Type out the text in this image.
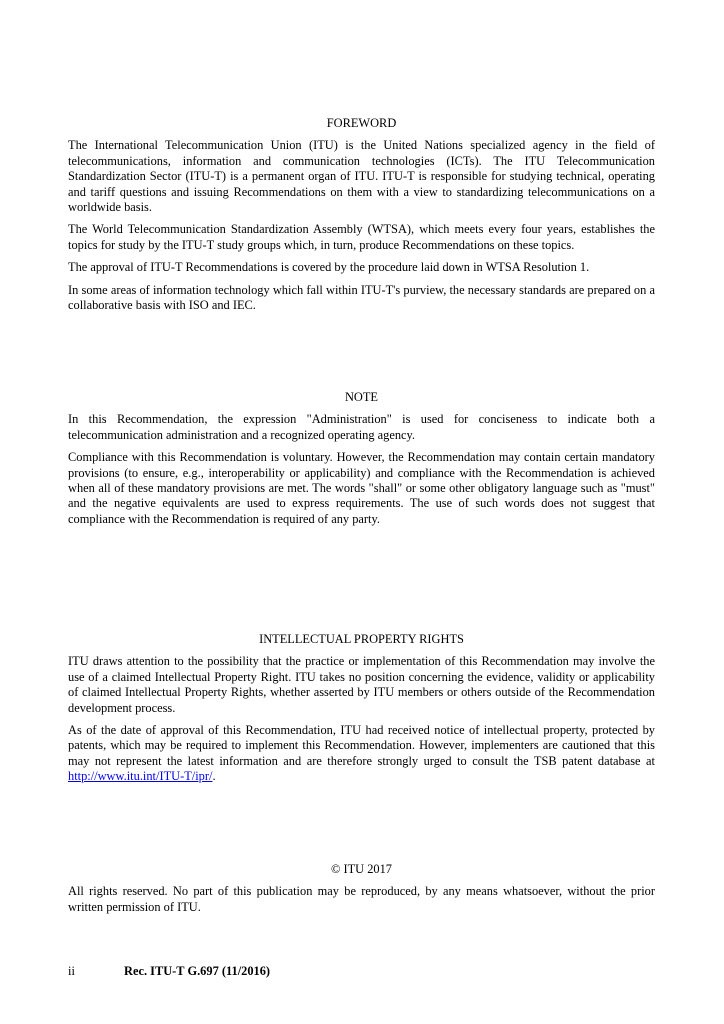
FOREWORD

The International Telecommunication Union (ITU) is the United Nations specialized agency in the field of telecommunications, information and communication technologies (ICTs). The ITU Telecommunication Standardization Sector (ITU-T) is a permanent organ of ITU. ITU-T is responsible for studying technical, operating and tariff questions and issuing Recommendations on them with a view to standardizing telecommunications on a worldwide basis.

The World Telecommunication Standardization Assembly (WTSA), which meets every four years, establishes the topics for study by the ITU-T study groups which, in turn, produce Recommendations on these topics.

The approval of ITU-T Recommendations is covered by the procedure laid down in WTSA Resolution 1.

In some areas of information technology which fall within ITU-T's purview, the necessary standards are prepared on a collaborative basis with ISO and IEC.

NOTE

In this Recommendation, the expression "Administration" is used for conciseness to indicate both a telecommunication administration and a recognized operating agency.

Compliance with this Recommendation is voluntary. However, the Recommendation may contain certain mandatory provisions (to ensure, e.g., interoperability or applicability) and compliance with the Recommendation is achieved when all of these mandatory provisions are met. The words "shall" or some other obligatory language such as "must" and the negative equivalents are used to express requirements. The use of such words does not suggest that compliance with the Recommendation is required of any party.

INTELLECTUAL PROPERTY RIGHTS

ITU draws attention to the possibility that the practice or implementation of this Recommendation may involve the use of a claimed Intellectual Property Right. ITU takes no position concerning the evidence, validity or applicability of claimed Intellectual Property Rights, whether asserted by ITU members or others outside of the Recommendation development process.

As of the date of approval of this Recommendation, ITU had received notice of intellectual property, protected by patents, which may be required to implement this Recommendation. However, implementers are cautioned that this may not represent the latest information and are therefore strongly urged to consult the TSB patent database at http://www.itu.int/ITU-T/ipr/.

© ITU 2017

All rights reserved. No part of this publication may be reproduced, by any means whatsoever, without the prior written permission of ITU.

ii	Rec. ITU-T G.697 (11/2016)
